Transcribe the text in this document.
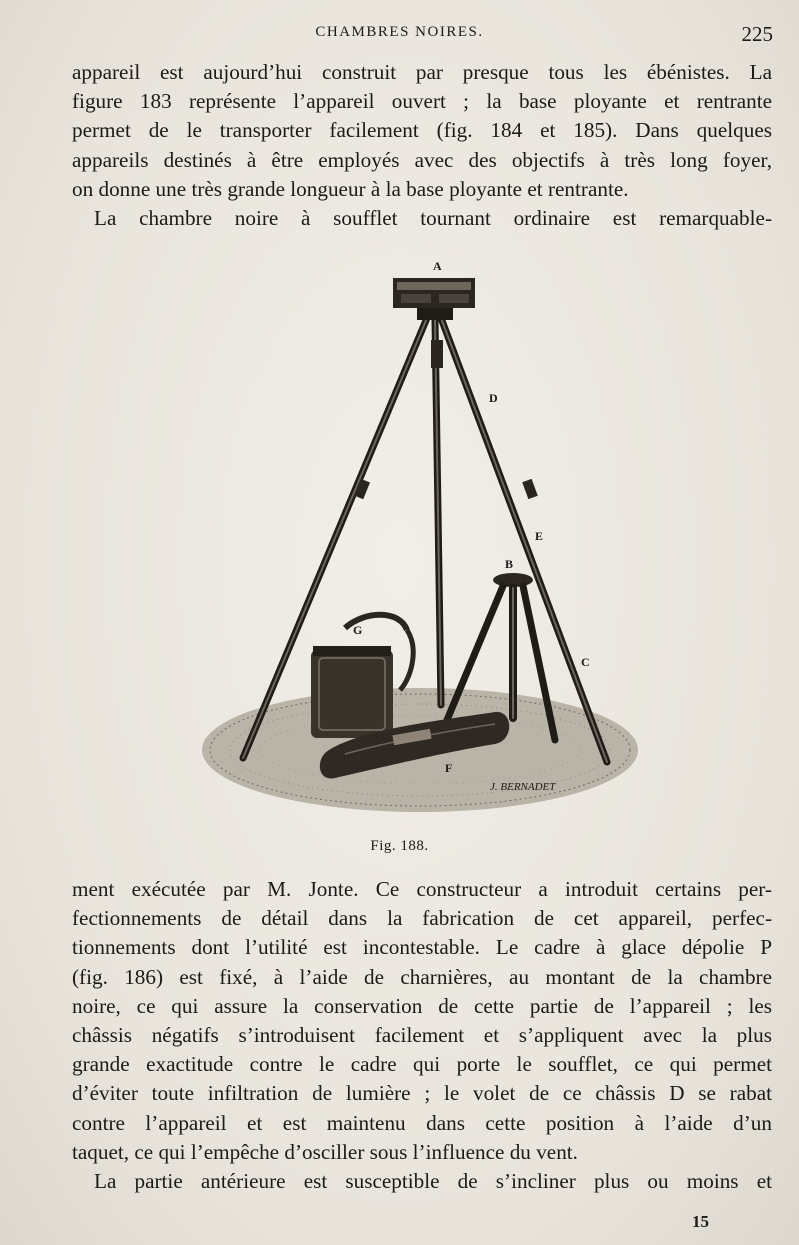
CHAMBRES NOIRES.	225
appareil est aujourd’hui construit par presque tous les ébénistes. La
figure 183 représente l’appareil ouvert ; la base ployante et rentrante
permet de le transporter facilement (fig. 184 et 185). Dans quelques
appareils destinés à être employés avec des objectifs à très long foyer,
on donne une très grande longueur à la base ployante et rentrante.
La chambre noire à soufflet tournant ordinaire est remarquable-
A
B
C
D
E
F
G
J. BERNADET
Fig. 188.
ment exécutée par M. Jonte. Ce constructeur a introduit certains per-
fectionnements de détail dans la fabrication de cet appareil, perfec-
tionnements dont l’utilité est incontestable. Le cadre à glace dépolie P
(fig. 186) est fixé, à l’aide de charnières, au montant de la chambre
noire, ce qui assure la conservation de cette partie de l’appareil ; les
châssis négatifs s’introduisent facilement et s’appliquent avec la plus
grande exactitude contre le cadre qui porte le soufflet, ce qui permet
d’éviter toute infiltration de lumière ; le volet de ce châssis D se rabat
contre l’appareil et est maintenu dans cette position à l’aide d’un
taquet, ce qui l’empêche d’osciller sous l’influence du vent.
La partie antérieure est susceptible de s’incliner plus ou moins et
15
